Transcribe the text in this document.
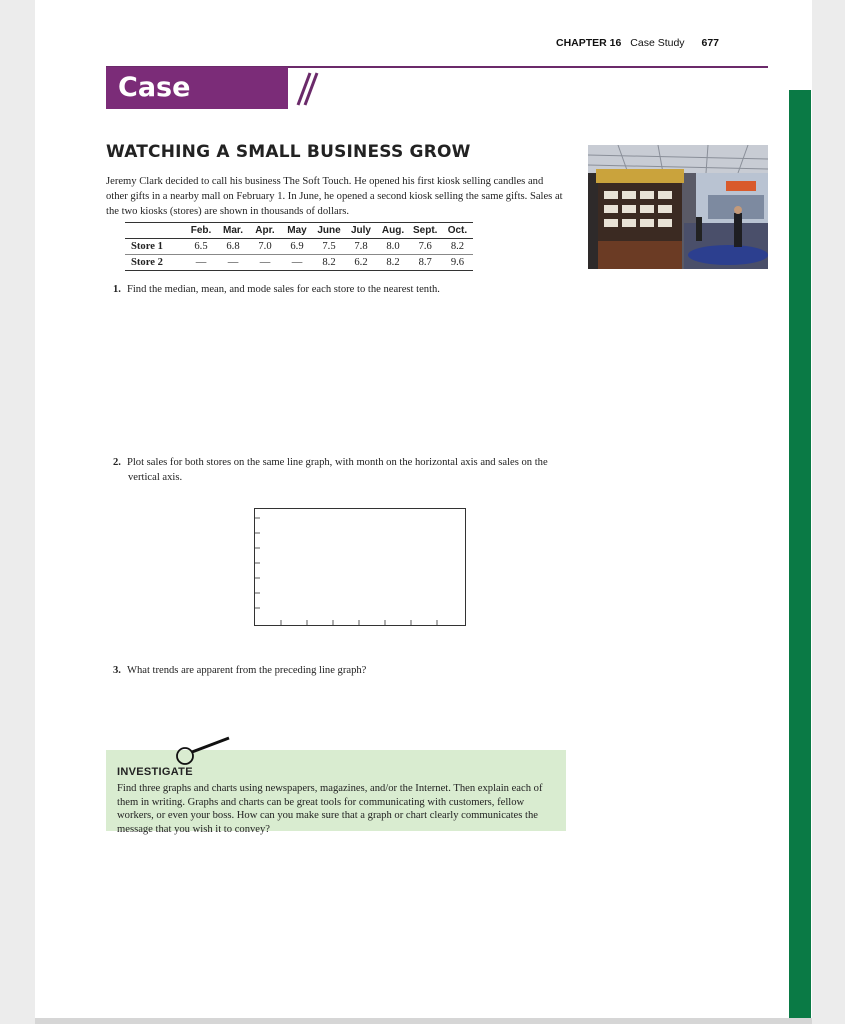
CHAPTER 16 Case Study 677
Case Study
WATCHING A SMALL BUSINESS GROW
Jeremy Clark decided to call his business The Soft Touch. He opened his first kiosk selling candles and other gifts in a nearby mall on February 1. In June, he opened a second kiosk selling the same gifts. Sales at the two kiosks (stores) are shown in thousands of dollars.
	Feb.	Mar.	Apr.	May	June	July	Aug.	Sept.	Oct.
Store 1	6.5	6.8	7.0	6.9	7.5	7.8	8.0	7.6	8.2
Store 2	—	—	—	—	8.2	6.2	8.2	8.7	9.6
1. Find the median, mean, and mode sales for each store to the nearest tenth.
2. Plot sales for both stores on the same line graph, with month on the horizontal axis and sales on the vertical axis.
3. What trends are apparent from the preceding line graph?
INVESTIGATE
Find three graphs and charts using newspapers, magazines, and/or the Internet. Then explain each of them in writing. Graphs and charts can be great tools for communicating with customers, fellow workers, or even your boss. How can you make sure that a graph or chart clearly communicates the message that you wish it to convey?
